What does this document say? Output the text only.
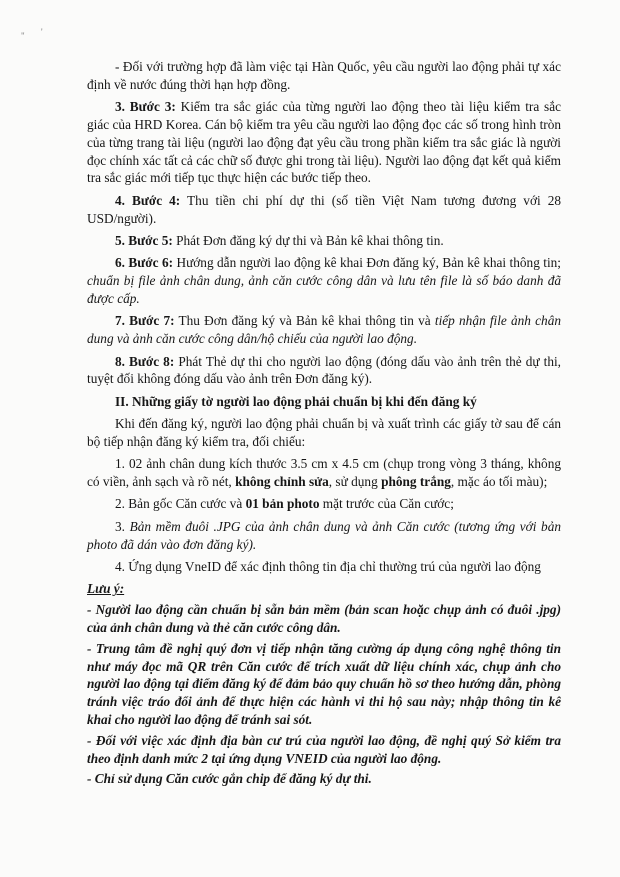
" '

- Đối với trường hợp đã làm việc tại Hàn Quốc, yêu cầu người lao động phải tự xác định về nước đúng thời hạn hợp đồng.

3. Bước 3: Kiểm tra sắc giác của từng người lao động theo tài liệu kiểm tra sắc giác của HRD Korea. Cán bộ kiểm tra yêu cầu người lao động đọc các số trong hình tròn của từng trang tài liệu (người lao động đạt yêu cầu trong phần kiểm tra sắc giác là người đọc chính xác tất cả các chữ số được ghi trong tài liệu). Người lao động đạt kết quả kiểm tra sắc giác mới tiếp tục thực hiện các bước tiếp theo.

4. Bước 4: Thu tiền chi phí dự thi (số tiền Việt Nam tương đương với 28 USD/người).

5. Bước 5: Phát Đơn đăng ký dự thi và Bản kê khai thông tin.

6. Bước 6: Hướng dẫn người lao động kê khai Đơn đăng ký, Bản kê khai thông tin; chuẩn bị file ảnh chân dung, ảnh căn cước công dân và lưu tên file là số báo danh đã được cấp.

7. Bước 7: Thu Đơn đăng ký và Bản kê khai thông tin và tiếp nhận file ảnh chân dung và ảnh căn cước công dân/hộ chiếu của người lao động.

8. Bước 8: Phát Thẻ dự thi cho người lao động (đóng dấu vào ảnh trên thẻ dự thi, tuyệt đối không đóng dấu vào ảnh trên Đơn đăng ký).

II. Những giấy tờ người lao động phải chuẩn bị khi đến đăng ký

Khi đến đăng ký, người lao động phải chuẩn bị và xuất trình các giấy tờ sau để cán bộ tiếp nhận đăng ký kiểm tra, đối chiếu:

1. 02 ảnh chân dung kích thước 3.5 cm x 4.5 cm (chụp trong vòng 3 tháng, không có viền, ảnh sạch và rõ nét, không chỉnh sửa, sử dụng phông trắng, mặc áo tối màu);

2. Bản gốc Căn cước và 01 bản photo mặt trước của Căn cước;

3. Bản mềm đuôi .JPG của ảnh chân dung và ảnh Căn cước (tương ứng với bản photo đã dán vào đơn đăng ký).

4. Ứng dụng VneID để xác định thông tin địa chỉ thường trú của người lao động

Lưu ý:

- Người lao động cần chuẩn bị sẵn bản mềm (bản scan hoặc chụp ảnh có đuôi .jpg) của ảnh chân dung và thẻ căn cước công dân.

- Trung tâm đề nghị quý đơn vị tiếp nhận tăng cường áp dụng công nghệ thông tin như máy đọc mã QR trên Căn cước để trích xuất dữ liệu chính xác, chụp ảnh cho người lao động tại điểm đăng ký để đảm bảo quy chuẩn hồ sơ theo hướng dẫn, phòng tránh việc tráo đổi ảnh để thực hiện các hành vi thi hộ sau này; nhập thông tin kê khai cho người lao động để tránh sai sót.

- Đối với việc xác định địa bàn cư trú của người lao động, đề nghị quý Sở kiểm tra theo định danh mức 2 tại ứng dụng VNEID của người lao động.

- Chỉ sử dụng Căn cước gắn chip để đăng ký dự thi.
